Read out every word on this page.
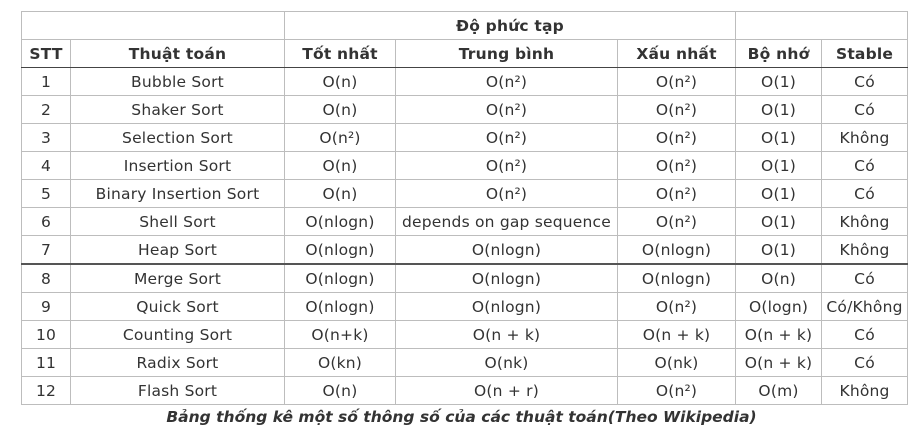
		Độ phức tạp				
STT	Thuật toán	Tốt nhất	Trung bình	Xấu nhất	Bộ nhớ	Stable
1	Bubble Sort	O(n)	O(n²)	O(n²)	O(1)	Có
2	Shaker Sort	O(n)	O(n²)	O(n²)	O(1)	Có
3	Selection Sort	O(n²)	O(n²)	O(n²)	O(1)	Không
4	Insertion Sort	O(n)	O(n²)	O(n²)	O(1)	Có
5	Binary Insertion Sort	O(n)	O(n²)	O(n²)	O(1)	Có
6	Shell Sort	O(nlogn)	depends on gap sequence	O(n²)	O(1)	Không
7	Heap Sort	O(nlogn)	O(nlogn)	O(nlogn)	O(1)	Không
8	Merge Sort	O(nlogn)	O(nlogn)	O(nlogn)	O(n)	Có
9	Quick Sort	O(nlogn)	O(nlogn)	O(n²)	O(logn)	Có/Không
10	Counting Sort	O(n+k)	O(n + k)	O(n + k)	O(n + k)	Có
11	Radix Sort	O(kn)	O(nk)	O(nk)	O(n + k)	Có
12	Flash Sort	O(n)	O(n + r)	O(n²)	O(m)	Không
Bảng thống kê một số thông số của các thuật toán(Theo Wikipedia)
